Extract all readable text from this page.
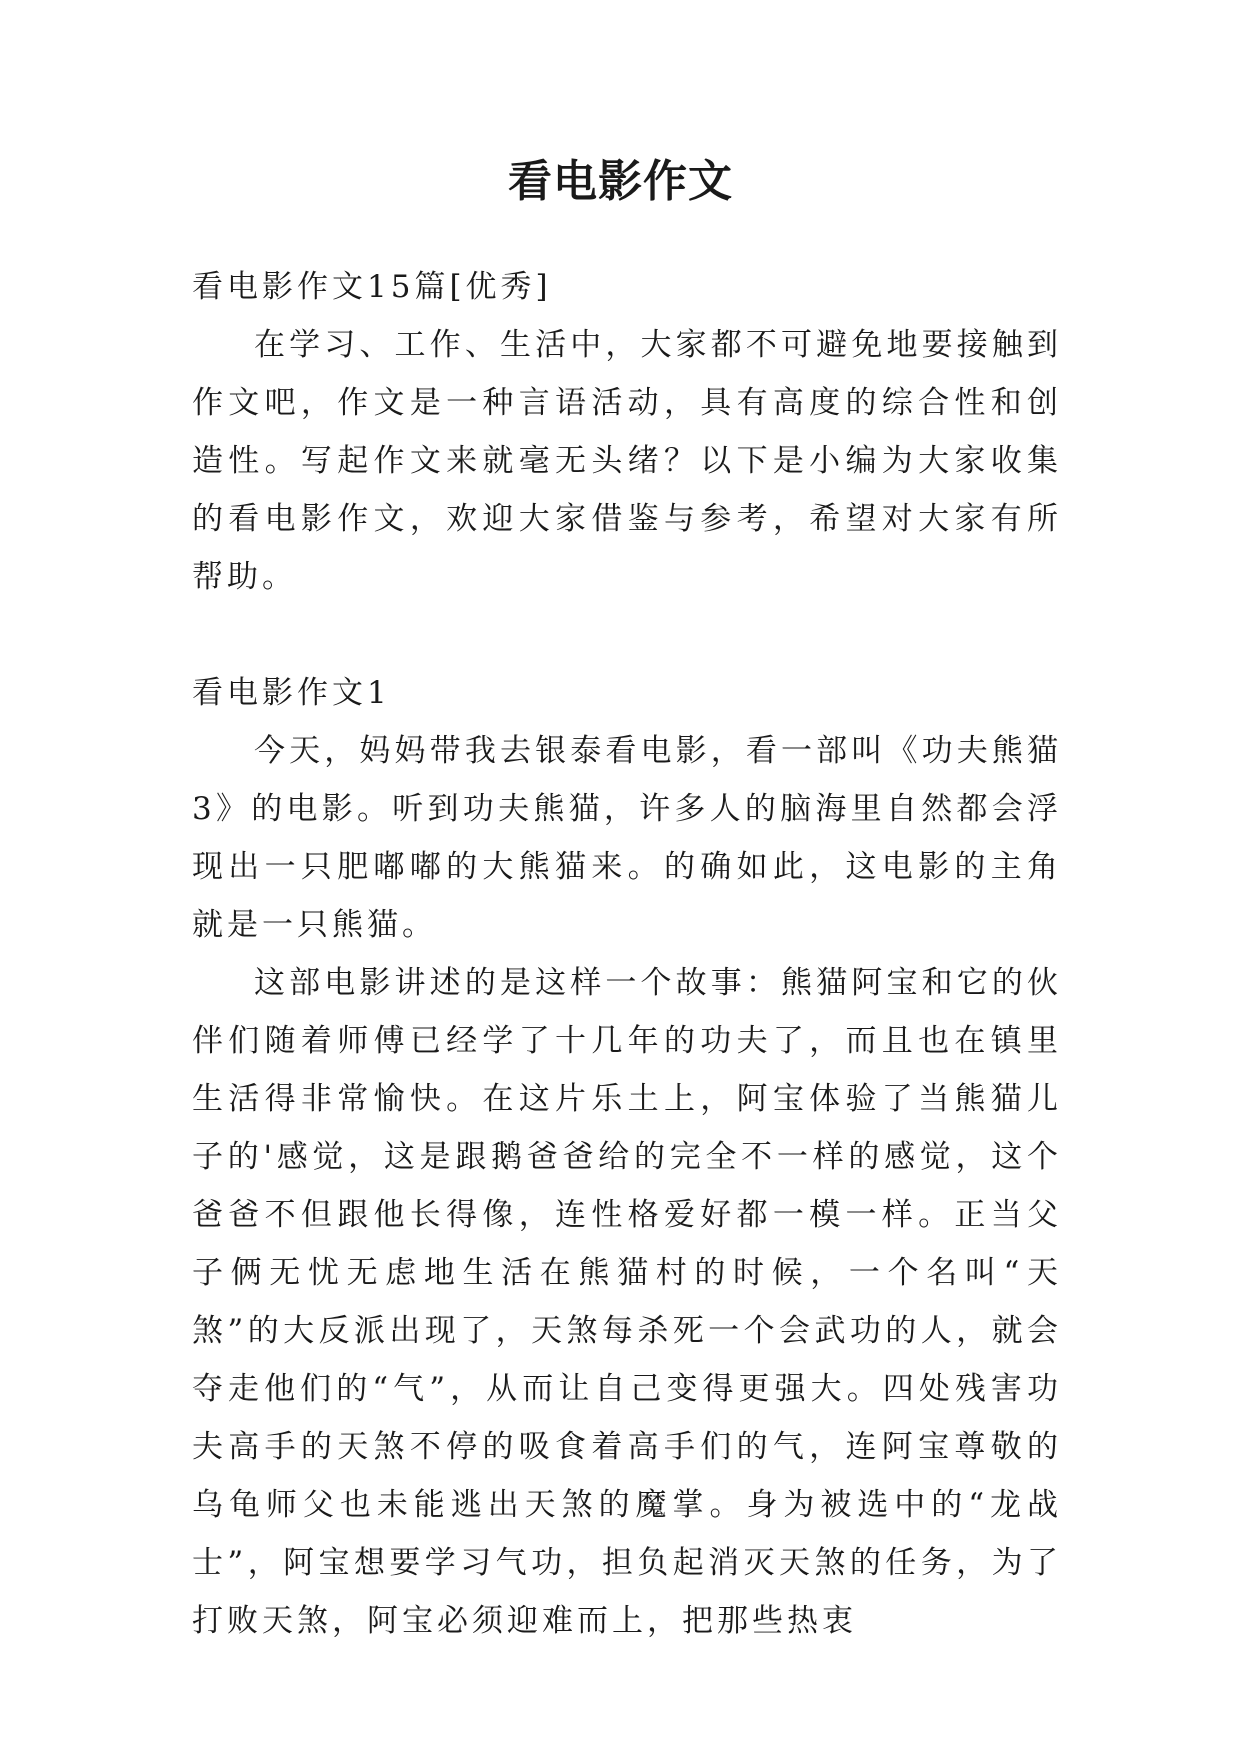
看电影作文

看电影作文15篇[优秀]

在学习、工作、生活中，大家都不可避免地要接触到作文吧，作文是一种言语活动，具有高度的综合性和创造性。写起作文来就毫无头绪？以下是小编为大家收集的看电影作文，欢迎大家借鉴与参考，希望对大家有所帮助。

看电影作文1

今天，妈妈带我去银泰看电影，看一部叫《功夫熊猫3》的电影。听到功夫熊猫，许多人的脑海里自然都会浮现出一只肥嘟嘟的大熊猫来。的确如此，这电影的主角就是一只熊猫。

这部电影讲述的是这样一个故事：熊猫阿宝和它的伙伴们随着师傅已经学了十几年的功夫了，而且也在镇里生活得非常愉快。在这片乐土上，阿宝体验了当熊猫儿子的'感觉，这是跟鹅爸爸给的完全不一样的感觉，这个爸爸不但跟他长得像，连性格爱好都一模一样。正当父子俩无忧无虑地生活在熊猫村的时候，一个名叫“天煞”的大反派出现了，天煞每杀死一个会武功的人，就会夺走他们的“气”，从而让自己变得更强大。四处残害功夫高手的天煞不停的吸食着高手们的气，连阿宝尊敬的乌龟师父也未能逃出天煞的魔掌。身为被选中的“龙战士”，阿宝想要学习气功，担负起消灭天煞的任务，为了打败天煞，阿宝必须迎难而上，把那些热衷
